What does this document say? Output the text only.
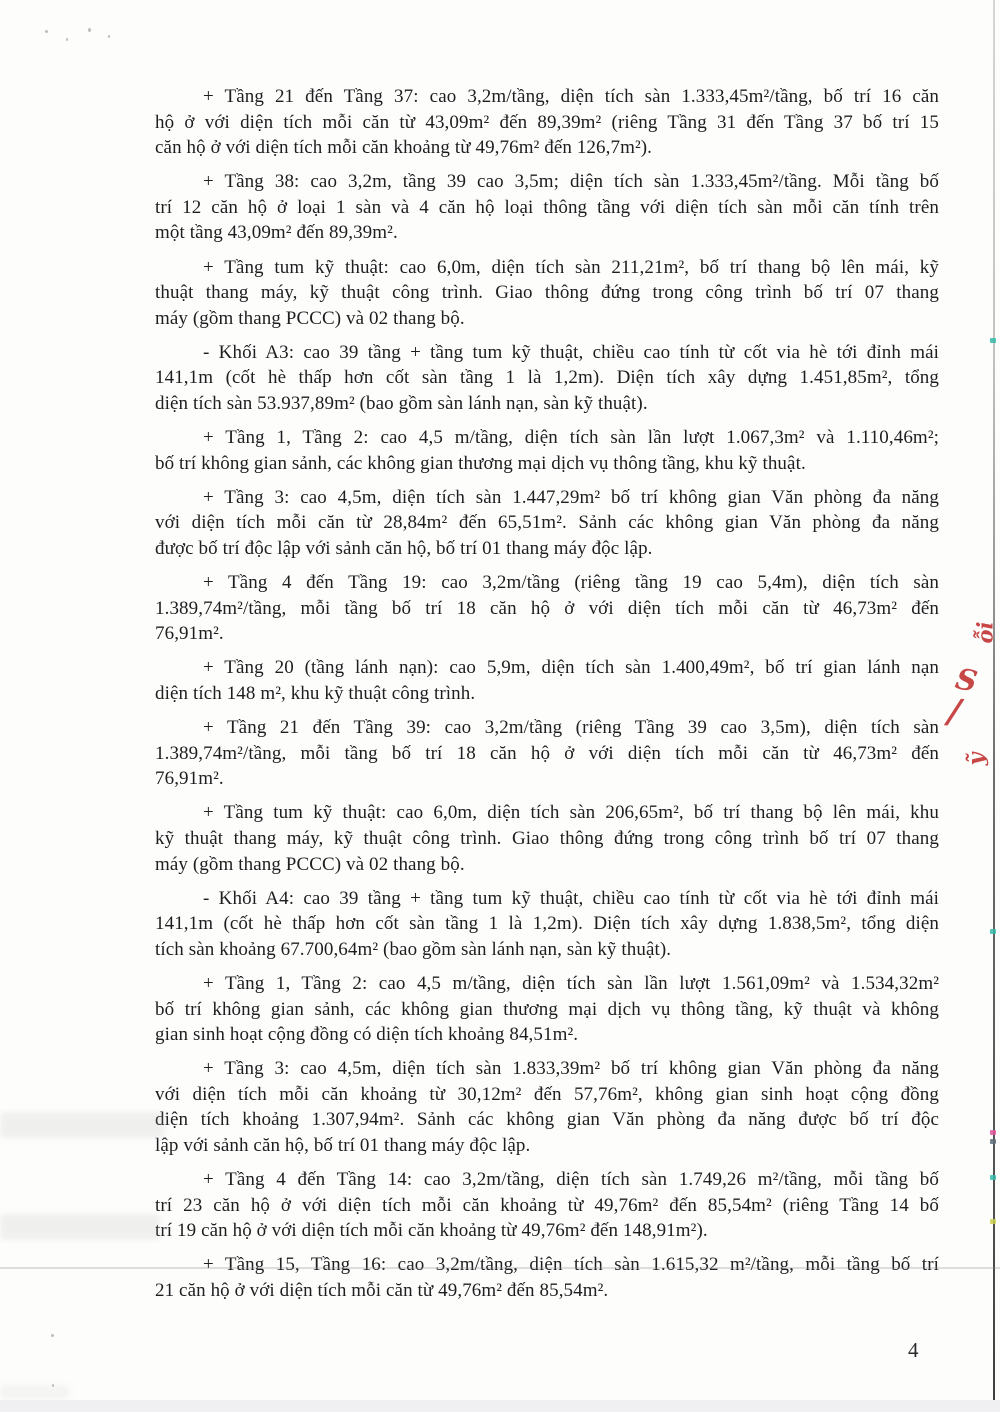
+ Tầng 21 đến Tầng 37: cao 3,2m/tầng, diện tích sàn 1.333,45m²/tầng, bố trí 16 căn
hộ ở với diện tích mỗi căn từ 43,09m² đến 89,39m² (riêng Tầng 31 đến Tầng 37 bố trí 15
căn hộ ở với diện tích mỗi căn khoảng từ 49,76m² đến 126,7m²).
+ Tầng 38: cao 3,2m, tầng 39 cao 3,5m; diện tích sàn 1.333,45m²/tầng. Mỗi tầng bố
trí 12 căn hộ ở loại 1 sàn và 4 căn hộ loại thông tầng với diện tích sàn mỗi căn tính trên
một tầng 43,09m² đến 89,39m².
+ Tầng tum kỹ thuật: cao 6,0m, diện tích sàn 211,21m², bố trí thang bộ lên mái, kỹ
thuật thang máy, kỹ thuật công trình. Giao thông đứng trong công trình bố trí 07 thang
máy (gồm thang PCCC) và 02 thang bộ.
- Khối A3: cao 39 tầng + tầng tum kỹ thuật, chiều cao tính từ cốt via hè tới đỉnh mái
141,1m (cốt hè thấp hơn cốt sàn tầng 1 là 1,2m). Diện tích xây dựng 1.451,85m², tổng
diện tích sàn 53.937,89m² (bao gồm sàn lánh nạn, sàn kỹ thuật).
+ Tầng 1, Tầng 2: cao 4,5 m/tầng, diện tích sàn lần lượt 1.067,3m² và 1.110,46m²;
bố trí không gian sảnh, các không gian thương mại dịch vụ thông tầng, khu kỹ thuật.
+ Tầng 3: cao 4,5m, diện tích sàn 1.447,29m² bố trí không gian Văn phòng đa năng
với diện tích mỗi căn từ 28,84m² đến 65,51m². Sảnh các không gian Văn phòng đa năng
được bố trí độc lập với sảnh căn hộ, bố trí 01 thang máy độc lập.
+ Tầng 4 đến Tầng 19: cao 3,2m/tầng (riêng tầng 19 cao 5,4m), diện tích sàn
1.389,74m²/tầng, mỗi tầng bố trí 18 căn hộ ở với diện tích mỗi căn từ 46,73m² đến
76,91m².
+ Tầng 20 (tầng lánh nạn): cao 5,9m, diện tích sàn 1.400,49m², bố trí gian lánh nạn
diện tích 148 m², khu kỹ thuật công trình.
+ Tầng 21 đến Tầng 39: cao 3,2m/tầng (riêng Tầng 39 cao 3,5m), diện tích sàn
1.389,74m²/tầng, mỗi tầng bố trí 18 căn hộ ở với diện tích mỗi căn từ 46,73m² đến
76,91m².
+ Tầng tum kỹ thuật: cao 6,0m, diện tích sàn 206,65m², bố trí thang bộ lên mái, khu
kỹ thuật thang máy, kỹ thuật công trình. Giao thông đứng trong công trình bố trí 07 thang
máy (gồm thang PCCC) và 02 thang bộ.
- Khối A4: cao 39 tầng + tầng tum kỹ thuật, chiều cao tính từ cốt via hè tới đỉnh mái
141,1m (cốt hè thấp hơn cốt sàn tầng 1 là 1,2m). Diện tích xây dựng 1.838,5m², tổng diện
tích sàn khoảng 67.700,64m² (bao gồm sàn lánh nạn, sàn kỹ thuật).
+ Tầng 1, Tầng 2: cao 4,5 m/tầng, diện tích sàn lần lượt 1.561,09m² và 1.534,32m²
bố trí không gian sảnh, các không gian thương mại dịch vụ thông tầng, kỹ thuật và không
gian sinh hoạt cộng đồng có diện tích khoảng 84,51m².
+ Tầng 3: cao 4,5m, diện tích sàn 1.833,39m² bố trí không gian Văn phòng đa năng
với diện tích mỗi căn khoảng từ 30,12m² đến 57,76m², không gian sinh hoạt cộng đồng
diện tích khoảng 1.307,94m². Sảnh các không gian Văn phòng đa năng được bố trí độc
lập với sảnh căn hộ, bố trí 01 thang máy độc lập.
+ Tầng 4 đến Tầng 14: cao 3,2m/tầng, diện tích sàn 1.749,26 m²/tầng, mỗi tầng bố
trí 23 căn hộ ở với diện tích mỗi căn khoảng từ 49,76m² đến 85,54m² (riêng Tầng 14 bố
trí 19 căn hộ ở với diện tích mỗi căn khoảng từ 49,76m² đến 148,91m²).
+ Tầng 15, Tầng 16: cao 3,2m/tầng, diện tích sàn 1.615,32 m²/tầng, mỗi tầng bố trí
21 căn hộ ở với diện tích mỗi căn từ 49,76m² đến 85,54m².
4
ỗi
S
/
ỹ
